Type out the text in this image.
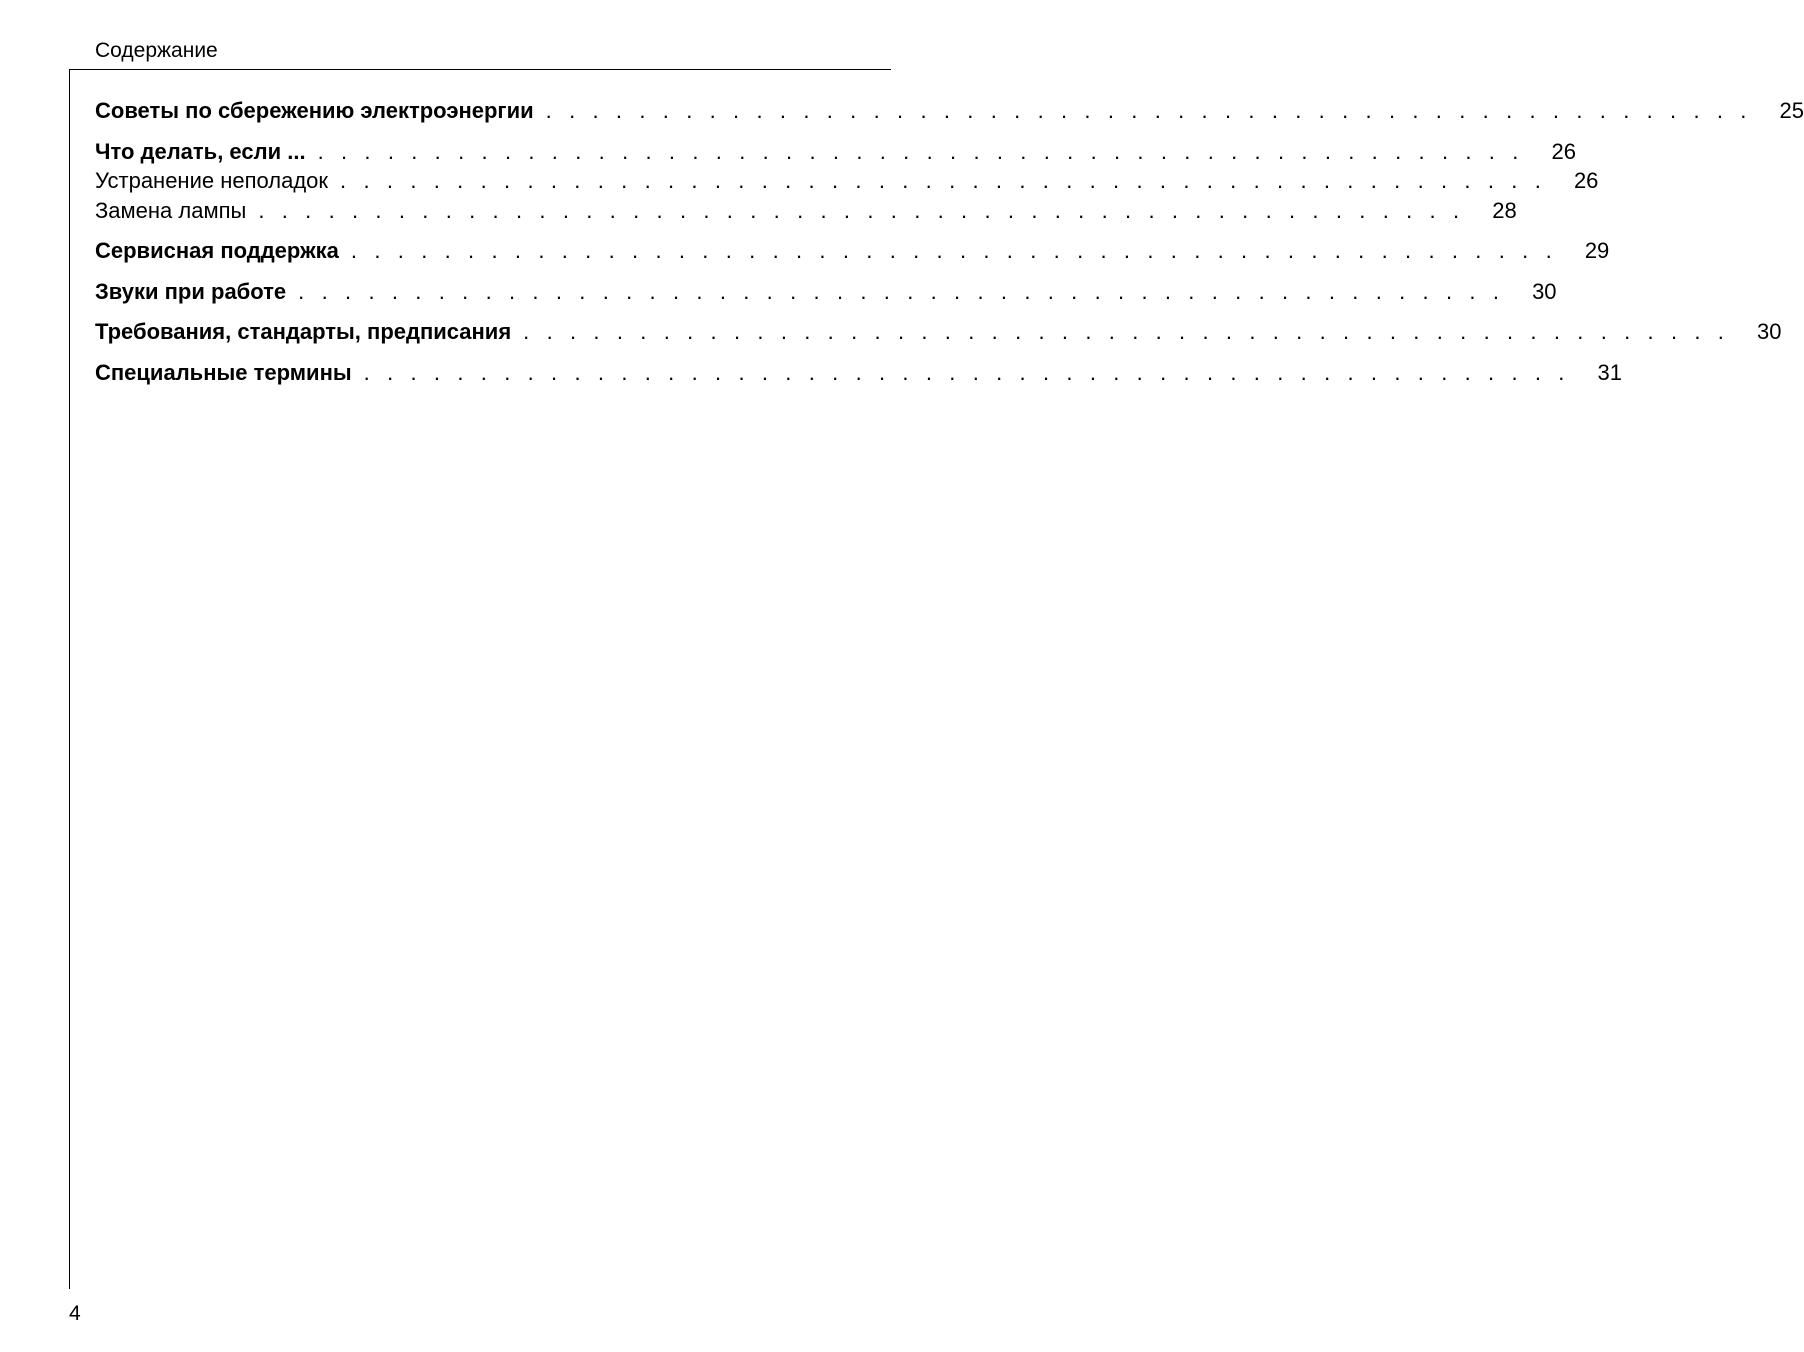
Содержание
Советы по сбережению электроэнергии . . . . . . . . . . . . . . . . . . . . . . . . . . . . . . . . . . . . . . . . . . . . . . . . . . . .	25
Что делать, если ... . . . . . . . . . . . . . . . . . . . . . . . . . . . . . . . . . . . . . . . . . . . . . . . . . . . .	26
Устранение неполадок . . . . . . . . . . . . . . . . . . . . . . . . . . . . . . . . . . . . . . . . . . . . . . . . . . . .	26
Замена лампы . . . . . . . . . . . . . . . . . . . . . . . . . . . . . . . . . . . . . . . . . . . . . . . . . . . .	28
Сервисная поддержка . . . . . . . . . . . . . . . . . . . . . . . . . . . . . . . . . . . . . . . . . . . . . . . . . . . .	29
Звуки при работе . . . . . . . . . . . . . . . . . . . . . . . . . . . . . . . . . . . . . . . . . . . . . . . . . . . .	30
Требования, стандарты, предписания . . . . . . . . . . . . . . . . . . . . . . . . . . . . . . . . . . . . . . . . . . . . . . . . . . . .	30
Специальные термины . . . . . . . . . . . . . . . . . . . . . . . . . . . . . . . . . . . . . . . . . . . . . . . . . . . .	31
4
